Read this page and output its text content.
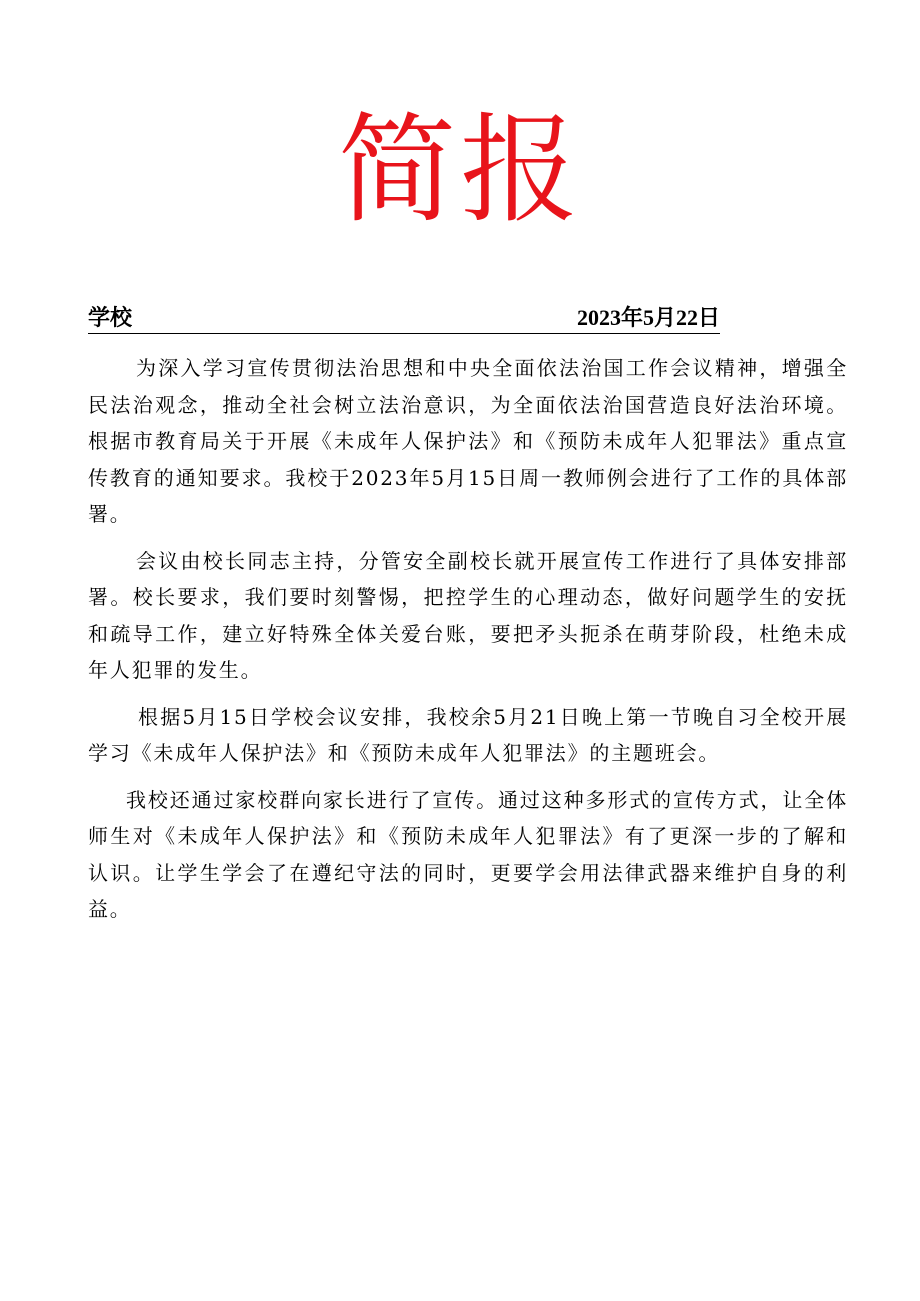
简报
学校	2023年5月22日

为深入学习宣传贯彻法治思想和中央全面依法治国工作会议精神，增强全民法治观念，推动全社会树立法治意识，为全面依法治国营造良好法治环境。根据市教育局关于开展《未成年人保护法》和《预防未成年人犯罪法》重点宣传教育的通知要求。我校于2023年5月15日周一教师例会进行了工作的具体部署。

会议由校长同志主持，分管安全副校长就开展宣传工作进行了具体安排部署。校长要求，我们要时刻警惕，把控学生的心理动态，做好问题学生的安抚和疏导工作，建立好特殊全体关爱台账，要把矛头扼杀在萌芽阶段，杜绝未成年人犯罪的发生。

根据5月15日学校会议安排，我校余5月21日晚上第一节晚自习全校开展学习《未成年人保护法》和《预防未成年人犯罪法》的主题班会。

我校还通过家校群向家长进行了宣传。通过这种多形式的宣传方式，让全体师生对《未成年人保护法》和《预防未成年人犯罪法》有了更深一步的了解和认识。让学生学会了在遵纪守法的同时，更要学会用法律武器来维护自身的利益。
